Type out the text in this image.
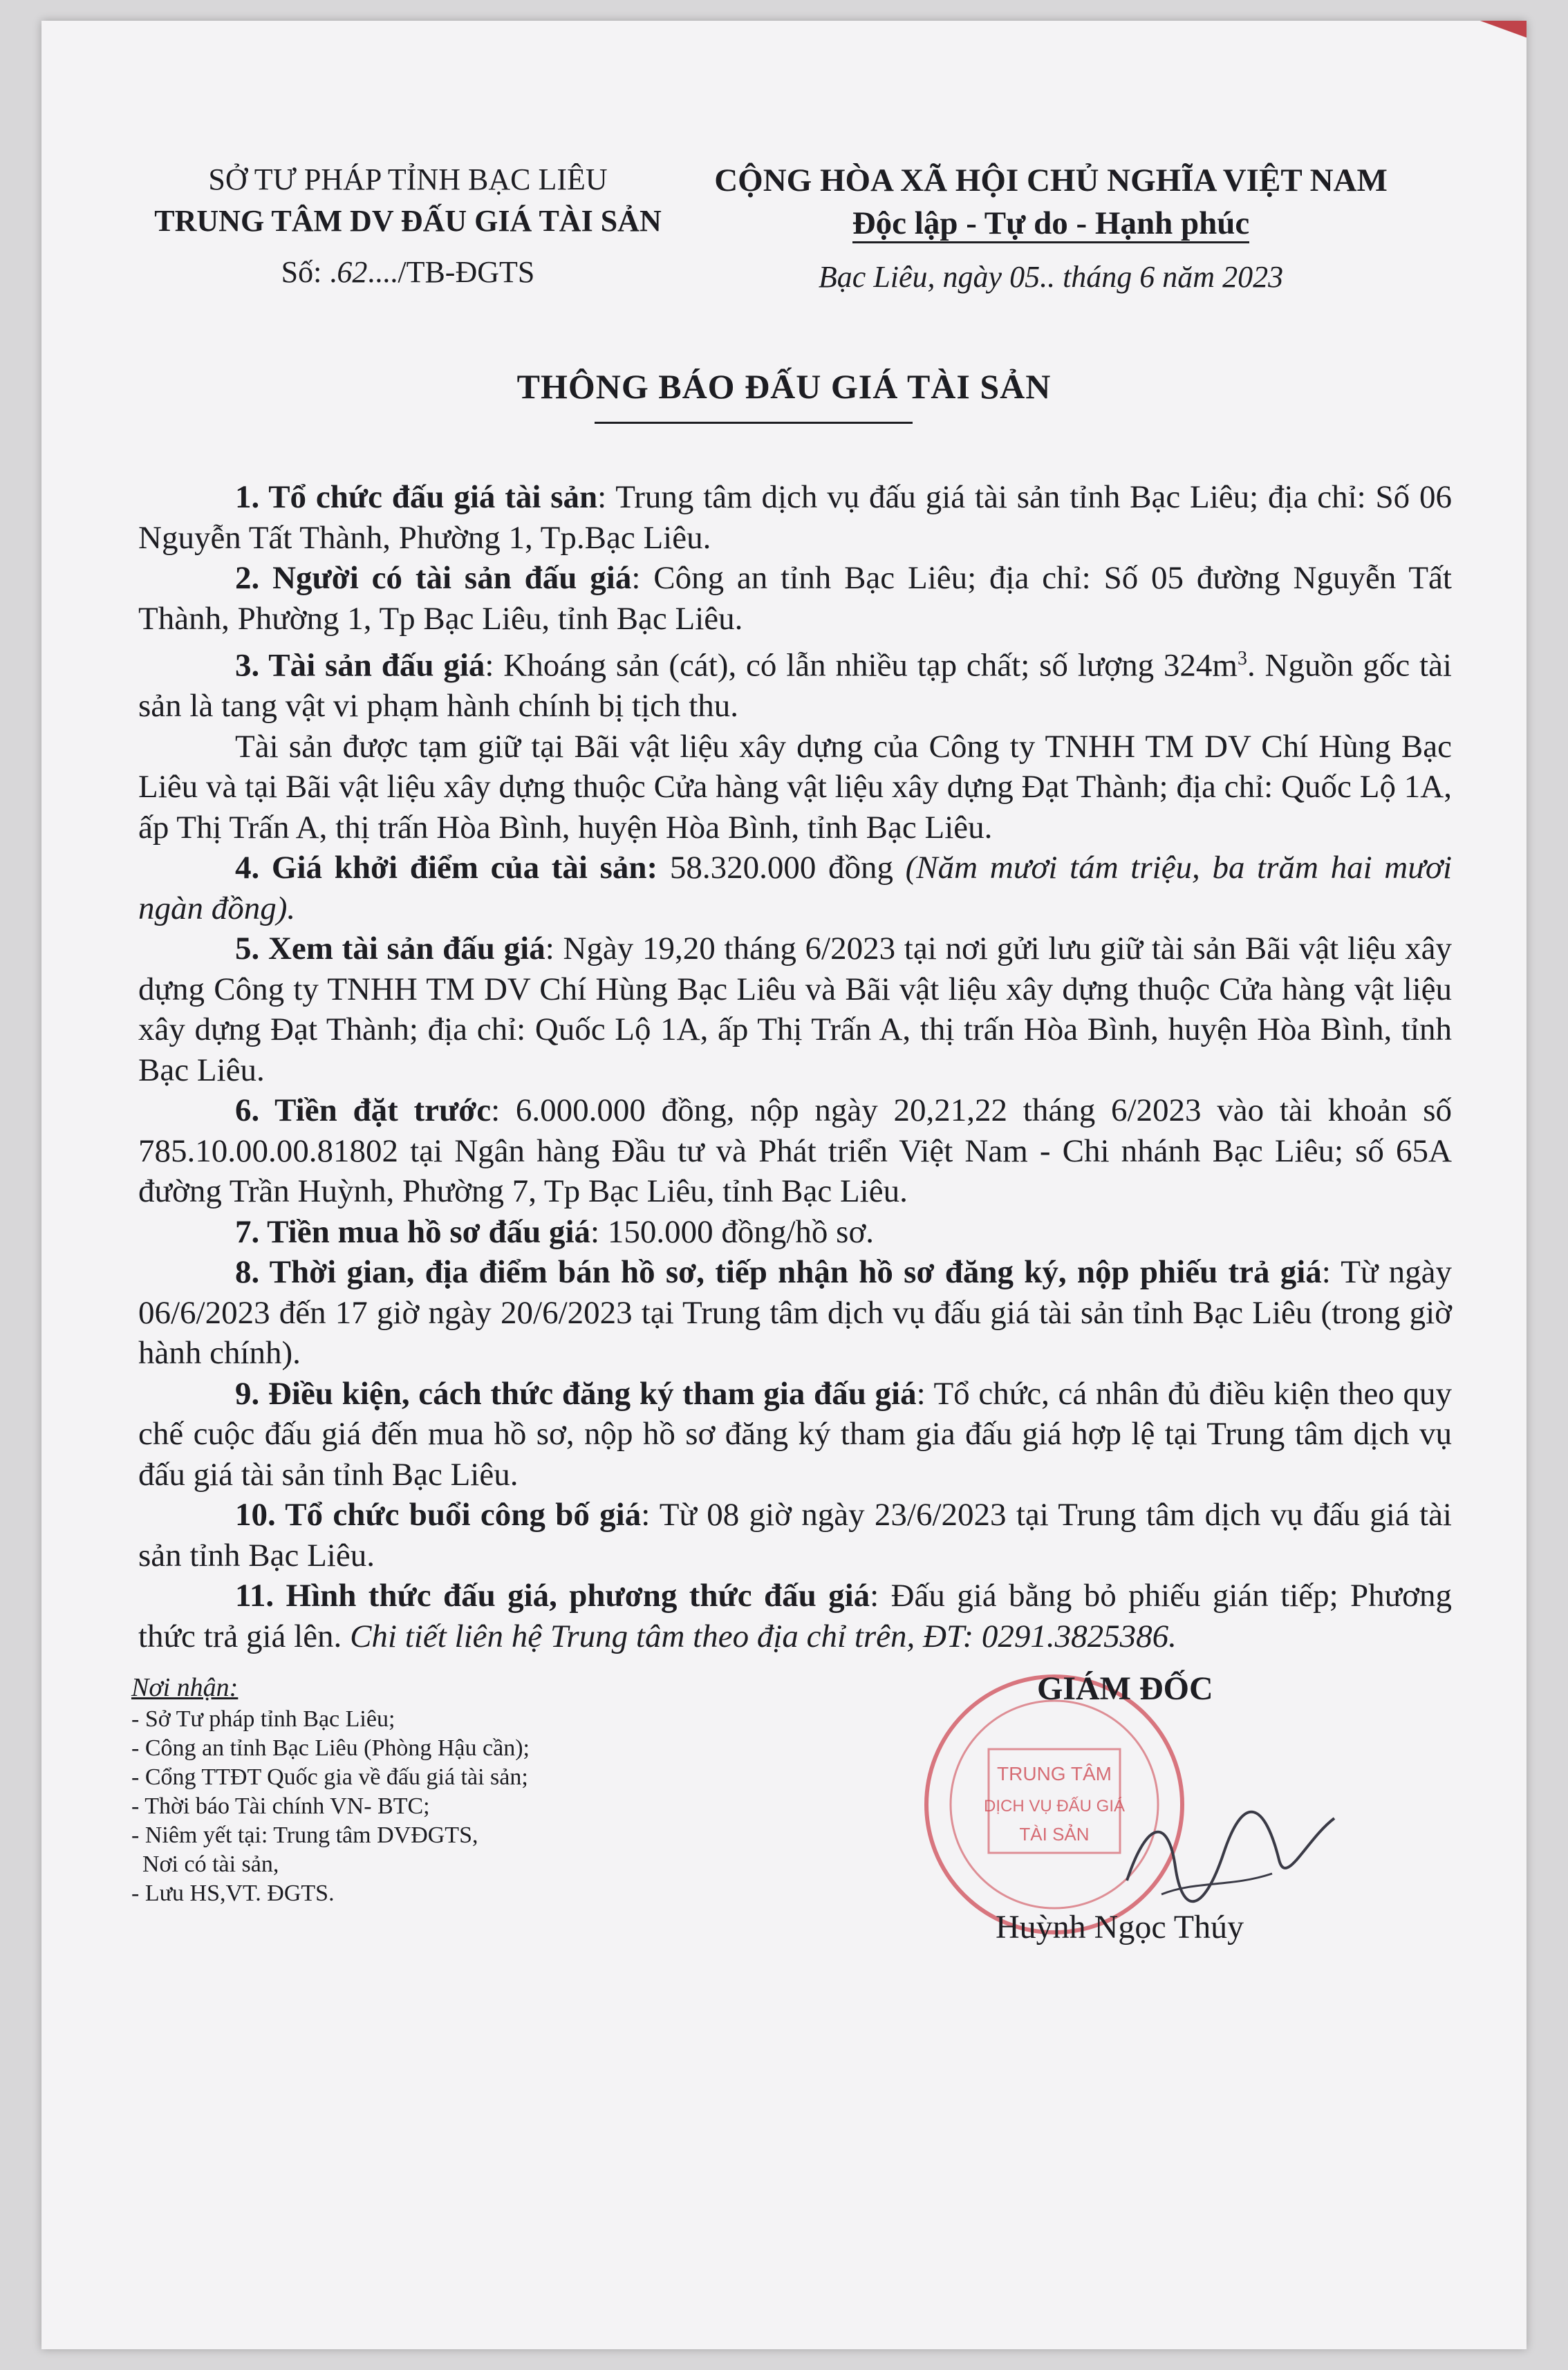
SỞ TƯ PHÁP TỈNH BẠC LIÊU
TRUNG TÂM DV ĐẤU GIÁ TÀI SẢN
Số: .62..../TB-ĐGTS
CỘNG HÒA XÃ HỘI CHỦ NGHĨA VIỆT NAM
Độc lập - Tự do - Hạnh phúc
Bạc Liêu, ngày 05.. tháng 6 năm 2023
THÔNG BÁO ĐẤU GIÁ TÀI SẢN

1. Tổ chức đấu giá tài sản: Trung tâm dịch vụ đấu giá tài sản tỉnh Bạc Liêu; địa chỉ: Số 06 Nguyễn Tất Thành, Phường 1, Tp.Bạc Liêu.

2. Người có tài sản đấu giá: Công an tỉnh Bạc Liêu; địa chỉ: Số 05 đường Nguyễn Tất Thành, Phường 1, Tp Bạc Liêu, tỉnh Bạc Liêu.

3. Tài sản đấu giá: Khoáng sản (cát), có lẫn nhiều tạp chất; số lượng $324m^3$. Nguồn gốc tài sản là tang vật vi phạm hành chính bị tịch thu.

Tài sản được tạm giữ tại Bãi vật liệu xây dựng của Công ty TNHH TM DV Chí Hùng Bạc Liêu và tại Bãi vật liệu xây dựng thuộc Cửa hàng vật liệu xây dựng Đạt Thành; địa chỉ: Quốc Lộ 1A, ấp Thị Trấn A, thị trấn Hòa Bình, huyện Hòa Bình, tỉnh Bạc Liêu.

4. Giá khởi điểm của tài sản: 58.320.000 đồng (Năm mươi tám triệu, ba trăm hai mươi ngàn đồng).

5. Xem tài sản đấu giá: Ngày 19,20 tháng 6/2023 tại nơi gửi lưu giữ tài sản Bãi vật liệu xây dựng Công ty TNHH TM DV Chí Hùng Bạc Liêu và Bãi vật liệu xây dựng thuộc Cửa hàng vật liệu xây dựng Đạt Thành; địa chỉ: Quốc Lộ 1A, ấp Thị Trấn A, thị trấn Hòa Bình, huyện Hòa Bình, tỉnh Bạc Liêu.

6. Tiền đặt trước: 6.000.000 đồng, nộp ngày 20,21,22 tháng 6/2023 vào tài khoản số 785.10.00.00.81802 tại Ngân hàng Đầu tư và Phát triển Việt Nam - Chi nhánh Bạc Liêu; số 65A đường Trần Huỳnh, Phường 7, Tp Bạc Liêu, tỉnh Bạc Liêu.

7. Tiền mua hồ sơ đấu giá: 150.000 đồng/hồ sơ.

8. Thời gian, địa điểm bán hồ sơ, tiếp nhận hồ sơ đăng ký, nộp phiếu trả giá: Từ ngày 06/6/2023 đến 17 giờ ngày 20/6/2023 tại Trung tâm dịch vụ đấu giá tài sản tỉnh Bạc Liêu (trong giờ hành chính).

9. Điều kiện, cách thức đăng ký tham gia đấu giá: Tổ chức, cá nhân đủ điều kiện theo quy chế cuộc đấu giá đến mua hồ sơ, nộp hồ sơ đăng ký tham gia đấu giá hợp lệ tại Trung tâm dịch vụ đấu giá tài sản tỉnh Bạc Liêu.

10. Tổ chức buổi công bố giá: Từ 08 giờ ngày 23/6/2023 tại Trung tâm dịch vụ đấu giá tài sản tỉnh Bạc Liêu.

11. Hình thức đấu giá, phương thức đấu giá: Đấu giá bằng bỏ phiếu gián tiếp; Phương thức trả giá lên. Chi tiết liên hệ Trung tâm theo địa chỉ trên, ĐT: 0291.3825386.

Nơi nhận:
- Sở Tư pháp tỉnh Bạc Liêu;
- Công an tỉnh Bạc Liêu (Phòng Hậu cần);
- Cổng TTĐT Quốc gia về đấu giá tài sản;
- Thời báo Tài chính VN- BTC;
- Niêm yết tại: Trung tâm DVĐGTS,
Nơi có tài sản,
- Lưu HS,VT. ĐGTS.
TRUNG TÂM
DỊCH VỤ ĐẤU GIÁ
TÀI SẢN
GIÁM ĐỐC
Huỳnh Ngọc Thúy
